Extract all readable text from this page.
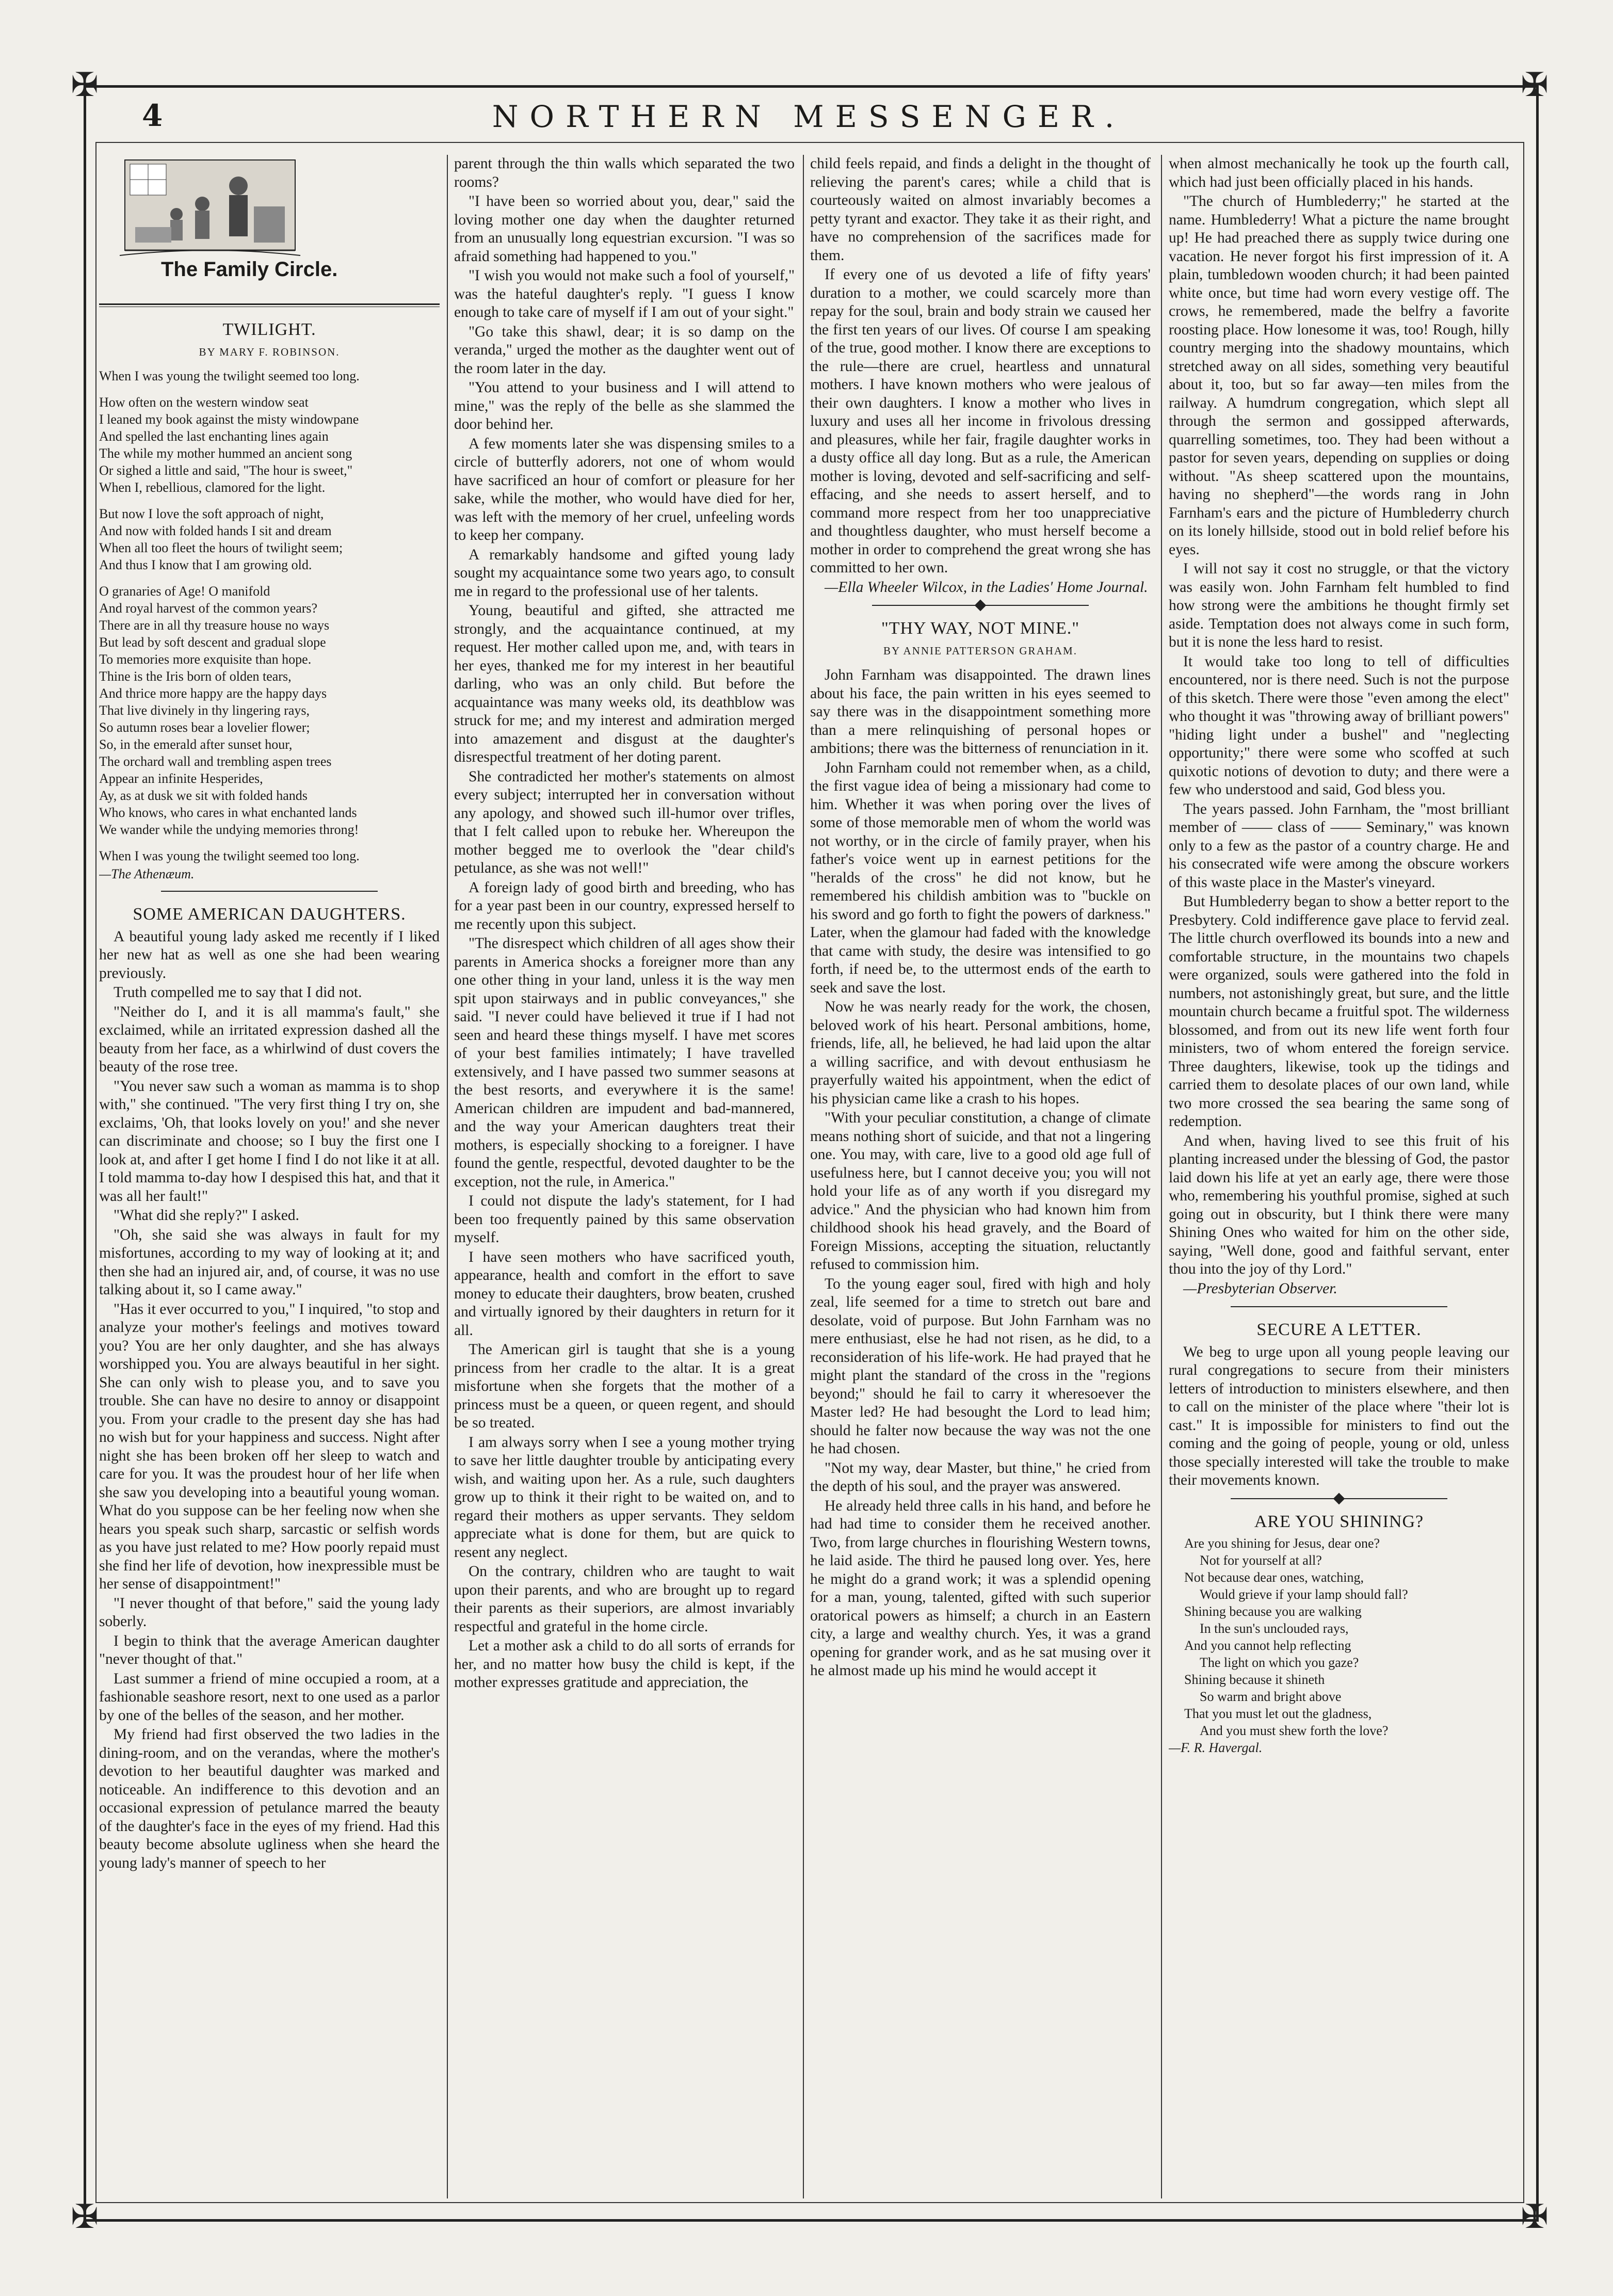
✠	✠
✠	✠
4	NORTHERN MESSENGER.
The Family Circle.
TWILIGHT.
BY MARY F. ROBINSON.

When I was young the twilight seemed too long.

How often on the western window seat

I leaned my book against the misty windowpane

And spelled the last enchanting lines again

The while my mother hummed an ancient song

Or sighed a little and said, "The hour is sweet,"

When I, rebellious, clamored for the light.

But now I love the soft approach of night,

And now with folded hands I sit and dream

When all too fleet the hours of twilight seem;

And thus I know that I am growing old.

O granaries of Age! O manifold

And royal harvest of the common years?

There are in all thy treasure house no ways

But lead by soft descent and gradual slope

To memories more exquisite than hope.

Thine is the Iris born of olden tears,

And thrice more happy are the happy days

That live divinely in thy lingering rays,

So autumn roses bear a lovelier flower;

So, in the emerald after sunset hour,

The orchard wall and trembling aspen trees

Appear an infinite Hesperides,

Ay, as at dusk we sit with folded hands

Who knows, who cares in what enchanted lands

We wander while the undying memories throng!

When I was young the twilight seemed too long.

—The Athenæum.

SOME AMERICAN DAUGHTERS.

A beautiful young lady asked me recently if I liked her new hat as well as one she had been wearing previously.

Truth compelled me to say that I did not.

"Neither do I, and it is all mamma's fault," she exclaimed, while an irritated expression dashed all the beauty from her face, as a whirlwind of dust covers the beauty of the rose tree.

"You never saw such a woman as mamma is to shop with," she continued. "The very first thing I try on, she exclaims, 'Oh, that looks lovely on you!' and she never can discriminate and choose; so I buy the first one I look at, and after I get home I find I do not like it at all. I told mamma to-day how I despised this hat, and that it was all her fault!"

"What did she reply?" I asked.

"Oh, she said she was always in fault for my misfortunes, according to my way of looking at it; and then she had an injured air, and, of course, it was no use talking about it, so I came away."

"Has it ever occurred to you," I inquired, "to stop and analyze your mother's feelings and motives toward you? You are her only daughter, and she has always worshipped you. You are always beautiful in her sight. She can only wish to please you, and to save you trouble. She can have no desire to annoy or disappoint you. From your cradle to the present day she has had no wish but for your happiness and success. Night after night she has been broken off her sleep to watch and care for you. It was the proudest hour of her life when she saw you developing into a beautiful young woman. What do you suppose can be her feeling now when she hears you speak such sharp, sarcastic or selfish words as you have just related to me? How poorly repaid must she find her life of devotion, how inexpressible must be her sense of disappointment!"

"I never thought of that before," said the young lady soberly.

I begin to think that the average American daughter "never thought of that."

Last summer a friend of mine occupied a room, at a fashionable seashore resort, next to one used as a parlor by one of the belles of the season, and her mother.

My friend had first observed the two ladies in the dining-room, and on the verandas, where the mother's devotion to her beautiful daughter was marked and noticeable. An indifference to this devotion and an occasional expression of petulance marred the beauty of the daughter's face in the eyes of my friend. Had this beauty become absolute ugliness when she heard the young lady's manner of speech to her

parent through the thin walls which separated the two rooms?

"I have been so worried about you, dear," said the loving mother one day when the daughter returned from an unusually long equestrian excursion. "I was so afraid something had happened to you."

"I wish you would not make such a fool of yourself," was the hateful daughter's reply. "I guess I know enough to take care of myself if I am out of your sight."

"Go take this shawl, dear; it is so damp on the veranda," urged the mother as the daughter went out of the room later in the day.

"You attend to your business and I will attend to mine," was the reply of the belle as she slammed the door behind her.

A few moments later she was dispensing smiles to a circle of butterfly adorers, not one of whom would have sacrificed an hour of comfort or pleasure for her sake, while the mother, who would have died for her, was left with the memory of her cruel, unfeeling words to keep her company.

A remarkably handsome and gifted young lady sought my acquaintance some two years ago, to consult me in regard to the professional use of her talents.

Young, beautiful and gifted, she attracted me strongly, and the acquaintance continued, at my request. Her mother called upon me, and, with tears in her eyes, thanked me for my interest in her beautiful darling, who was an only child. But before the acquaintance was many weeks old, its deathblow was struck for me; and my interest and admiration merged into amazement and disgust at the daughter's disrespectful treatment of her doting parent.

She contradicted her mother's statements on almost every subject; interrupted her in conversation without any apology, and showed such ill-humor over trifles, that I felt called upon to rebuke her. Whereupon the mother begged me to overlook the "dear child's petulance, as she was not well!"

A foreign lady of good birth and breeding, who has for a year past been in our country, expressed herself to me recently upon this subject.

"The disrespect which children of all ages show their parents in America shocks a foreigner more than any one other thing in your land, unless it is the way men spit upon stairways and in public conveyances," she said. "I never could have believed it true if I had not seen and heard these things myself. I have met scores of your best families intimately; I have travelled extensively, and I have passed two summer seasons at the best resorts, and everywhere it is the same! American children are impudent and bad-mannered, and the way your American daughters treat their mothers, is especially shocking to a foreigner. I have found the gentle, respectful, devoted daughter to be the exception, not the rule, in America."

I could not dispute the lady's statement, for I had been too frequently pained by this same observation myself.

I have seen mothers who have sacrificed youth, appearance, health and comfort in the effort to save money to educate their daughters, brow beaten, crushed and virtually ignored by their daughters in return for it all.

The American girl is taught that she is a young princess from her cradle to the altar. It is a great misfortune when she forgets that the mother of a princess must be a queen, or queen regent, and should be so treated.

I am always sorry when I see a young mother trying to save her little daughter trouble by anticipating every wish, and waiting upon her. As a rule, such daughters grow up to think it their right to be waited on, and to regard their mothers as upper servants. They seldom appreciate what is done for them, but are quick to resent any neglect.

On the contrary, children who are taught to wait upon their parents, and who are brought up to regard their parents as their superiors, are almost invariably respectful and grateful in the home circle.

Let a mother ask a child to do all sorts of errands for her, and no matter how busy the child is kept, if the mother expresses gratitude and appreciation, the

child feels repaid, and finds a delight in the thought of relieving the parent's cares; while a child that is courteously waited on almost invariably becomes a petty tyrant and exactor. They take it as their right, and have no comprehension of the sacrifices made for them.

If every one of us devoted a life of fifty years' duration to a mother, we could scarcely more than repay for the soul, brain and body strain we caused her the first ten years of our lives. Of course I am speaking of the true, good mother. I know there are exceptions to the rule—there are cruel, heartless and unnatural mothers. I have known mothers who were jealous of their own daughters. I know a mother who lives in luxury and uses all her income in frivolous dressing and pleasures, while her fair, fragile daughter works in a dusty office all day long. But as a rule, the American mother is loving, devoted and self-sacrificing and self-effacing, and she needs to assert herself, and to command more respect from her too unappreciative and thoughtless daughter, who must herself become a mother in order to comprehend the great wrong she has committed to her own.

—Ella Wheeler Wilcox, in the Ladies' Home Journal.

"THY WAY, NOT MINE."
BY ANNIE PATTERSON GRAHAM.

John Farnham was disappointed. The drawn lines about his face, the pain written in his eyes seemed to say there was in the disappointment something more than a mere relinquishing of personal hopes or ambitions; there was the bitterness of renunciation in it.

John Farnham could not remember when, as a child, the first vague idea of being a missionary had come to him. Whether it was when poring over the lives of some of those memorable men of whom the world was not worthy, or in the circle of family prayer, when his father's voice went up in earnest petitions for the "heralds of the cross" he did not know, but he remembered his childish ambition was to "buckle on his sword and go forth to fight the powers of darkness." Later, when the glamour had faded with the knowledge that came with study, the desire was intensified to go forth, if need be, to the uttermost ends of the earth to seek and save the lost.

Now he was nearly ready for the work, the chosen, beloved work of his heart. Personal ambitions, home, friends, life, all, he believed, he had laid upon the altar a willing sacrifice, and with devout enthusiasm he prayerfully waited his appointment, when the edict of his physician came like a crash to his hopes.

"With your peculiar constitution, a change of climate means nothing short of suicide, and that not a lingering one. You may, with care, live to a good old age full of usefulness here, but I cannot deceive you; you will not hold your life as of any worth if you disregard my advice." And the physician who had known him from childhood shook his head gravely, and the Board of Foreign Missions, accepting the situation, reluctantly refused to commission him.

To the young eager soul, fired with high and holy zeal, life seemed for a time to stretch out bare and desolate, void of purpose. But John Farnham was no mere enthusiast, else he had not risen, as he did, to a reconsideration of his life-work. He had prayed that he might plant the standard of the cross in the "regions beyond;" should he fail to carry it wheresoever the Master led? He had besought the Lord to lead him; should he falter now because the way was not the one he had chosen.

"Not my way, dear Master, but thine," he cried from the depth of his soul, and the prayer was answered.

He already held three calls in his hand, and before he had had time to consider them he received another. Two, from large churches in flourishing Western towns, he laid aside. The third he paused long over. Yes, here he might do a grand work; it was a splendid opening for a man, young, talented, gifted with such superior oratorical powers as himself; a church in an Eastern city, a large and wealthy church. Yes, it was a grand opening for grander work, and as he sat musing over it he almost made up his mind he would accept it

when almost mechanically he took up the fourth call, which had just been officially placed in his hands.

"The church of Humblederry;" he started at the name. Humblederry! What a picture the name brought up! He had preached there as supply twice during one vacation. He never forgot his first impression of it. A plain, tumbledown wooden church; it had been painted white once, but time had worn every vestige off. The crows, he remembered, made the belfry a favorite roosting place. How lonesome it was, too! Rough, hilly country merging into the shadowy mountains, which stretched away on all sides, something very beautiful about it, too, but so far away—ten miles from the railway. A humdrum congregation, which slept all through the sermon and gossipped afterwards, quarrelling sometimes, too. They had been without a pastor for seven years, depending on supplies or doing without. "As sheep scattered upon the mountains, having no shepherd"—the words rang in John Farnham's ears and the picture of Humblederry church on its lonely hillside, stood out in bold relief before his eyes.

I will not say it cost no struggle, or that the victory was easily won. John Farnham felt humbled to find how strong were the ambitions he thought firmly set aside. Temptation does not always come in such form, but it is none the less hard to resist.

It would take too long to tell of difficulties encountered, nor is there need. Such is not the purpose of this sketch. There were those "even among the elect" who thought it was "throwing away of brilliant powers" "hiding light under a bushel" and "neglecting opportunity;" there were some who scoffed at such quixotic notions of devotion to duty; and there were a few who understood and said, God bless you.

The years passed. John Farnham, the "most brilliant member of —— class of —— Seminary," was known only to a few as the pastor of a country charge. He and his consecrated wife were among the obscure workers of this waste place in the Master's vineyard.

But Humblederry began to show a better report to the Presbytery. Cold indifference gave place to fervid zeal. The little church overflowed its bounds into a new and comfortable structure, in the mountains two chapels were organized, souls were gathered into the fold in numbers, not astonishingly great, but sure, and the little mountain church became a fruitful spot. The wilderness blossomed, and from out its new life went forth four ministers, two of whom entered the foreign service. Three daughters, likewise, took up the tidings and carried them to desolate places of our own land, while two more crossed the sea bearing the same song of redemption.

And when, having lived to see this fruit of his planting increased under the blessing of God, the pastor laid down his life at yet an early age, there were those who, remembering his youthful promise, sighed at such going out in obscurity, but I think there were many Shining Ones who waited for him on the other side, saying, "Well done, good and faithful servant, enter thou into the joy of thy Lord."

—Presbyterian Observer.

SECURE A LETTER.

We beg to urge upon all young people leaving our rural congregations to secure from their ministers letters of introduction to ministers elsewhere, and then to call on the minister of the place where "their lot is cast." It is impossible for ministers to find out the coming and the going of people, young or old, unless those specially interested will take the trouble to make their movements known.

ARE YOU SHINING?

Are you shining for Jesus, dear one?

Not for yourself at all?

Not because dear ones, watching,

Would grieve if your lamp should fall?

Shining because you are walking

In the sun's unclouded rays,

And you cannot help reflecting

The light on which you gaze?

Shining because it shineth

So warm and bright above

That you must let out the gladness,

And you must shew forth the love?

—F. R. Havergal.
